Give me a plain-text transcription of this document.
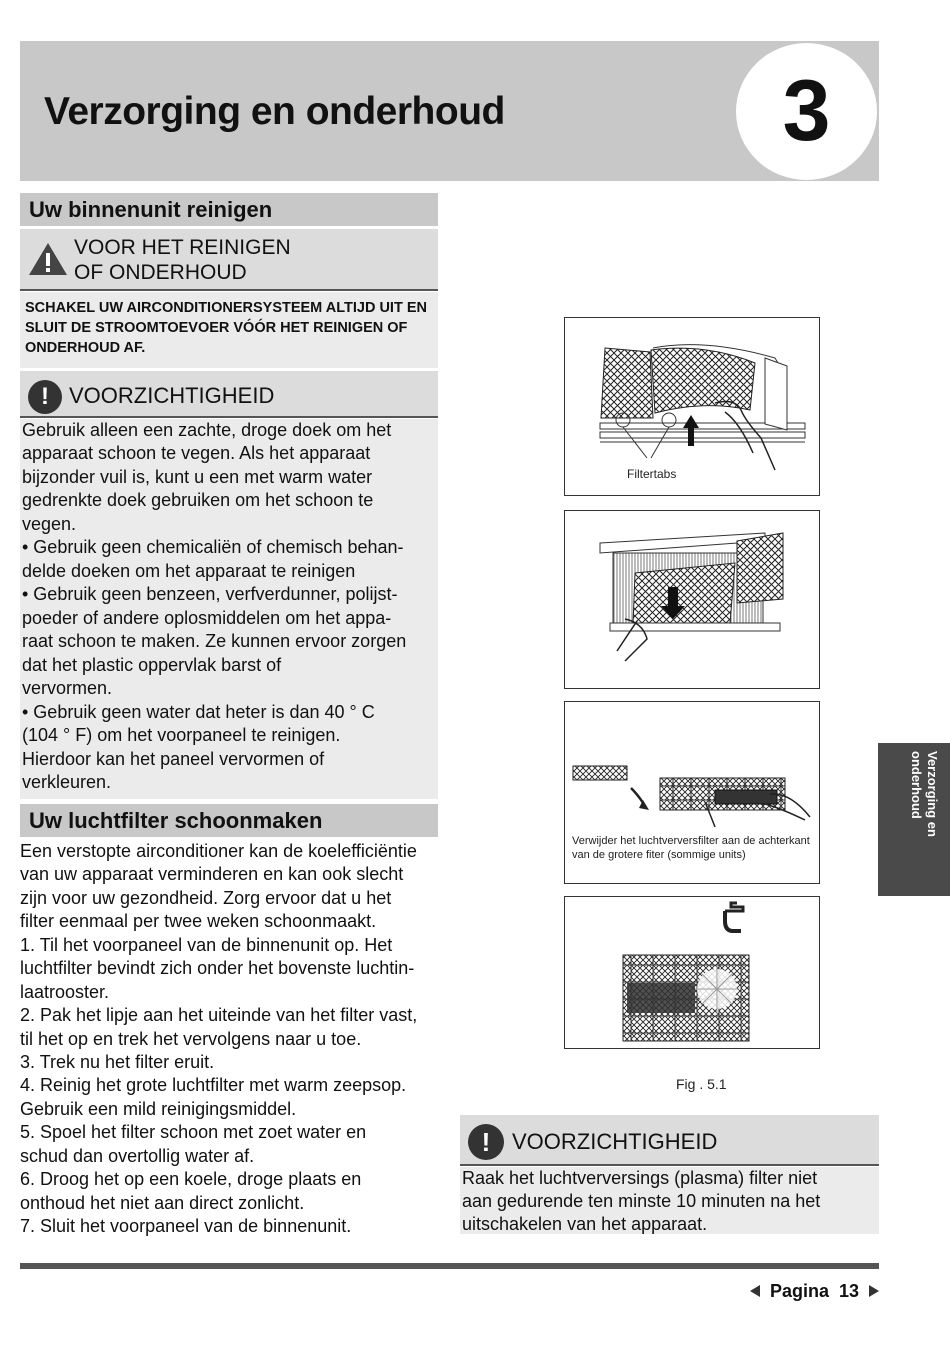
Verzorging en onderhoud	3
Uw binnenunit reinigen
VOOR HET REINIGEN
OF ONDERHOUD
SCHAKEL UW AIRCONDITIONERSYSTEEM ALTIJD UIT EN SLUIT DE STROOMTOEVOER VÓÓR HET REINIGEN OF ONDERHOUD AF.
! VOORZICHTIGHEID
Gebruik alleen een zachte, droge doek om het
apparaat schoon te vegen. Als het apparaat
bijzonder vuil is, kunt u een met warm water
gedrenkte doek gebruiken om het schoon te
vegen.
• Gebruik geen chemicaliën of chemisch behan-
delde doeken om het apparaat te reinigen
• Gebruik geen benzeen, verfverdunner, polijst-
poeder of andere oplosmiddelen om het appa-
raat schoon te maken. Ze kunnen ervoor zorgen
dat het plastic oppervlak barst of
vervormen.
• Gebruik geen water dat heter is dan 40 ° C
(104 ° F) om het voorpaneel te reinigen.
Hierdoor kan het paneel vervormen of
verkleuren.
Uw luchtfilter schoonmaken
Een verstopte airconditioner kan de koelefficiëntie
van uw apparaat verminderen en kan ook slecht
zijn voor uw gezondheid. Zorg ervoor dat u het
filter eenmaal per twee weken schoonmaakt.
1. Til het voorpaneel van de binnenunit op. Het
luchtfilter bevindt zich onder het bovenste luchtin-
laatrooster.
2. Pak het lipje aan het uiteinde van het filter vast,
til het op en trek het vervolgens naar u toe.
3. Trek nu het filter eruit.
4. Reinig het grote luchtfilter met warm zeepsop.
Gebruik een mild reinigingsmiddel.
5. Spoel het filter schoon met zoet water en
schud dan overtollig water af.
6. Droog het op een koele, droge plaats en
onthoud het niet aan direct zonlicht.
7. Sluit het voorpaneel van de binnenunit.
Filtertabs
Verwijder het luchtverversfilter aan de achterkant van de grotere fiter (sommige units)
Fig . 5.1
! VOORZICHTIGHEID
Raak het luchtverversings (plasma) filter niet
aan gedurende ten minste 10 minuten na het
uitschakelen van het apparaat.
Verzorging en onderhoud
Pagina 13
